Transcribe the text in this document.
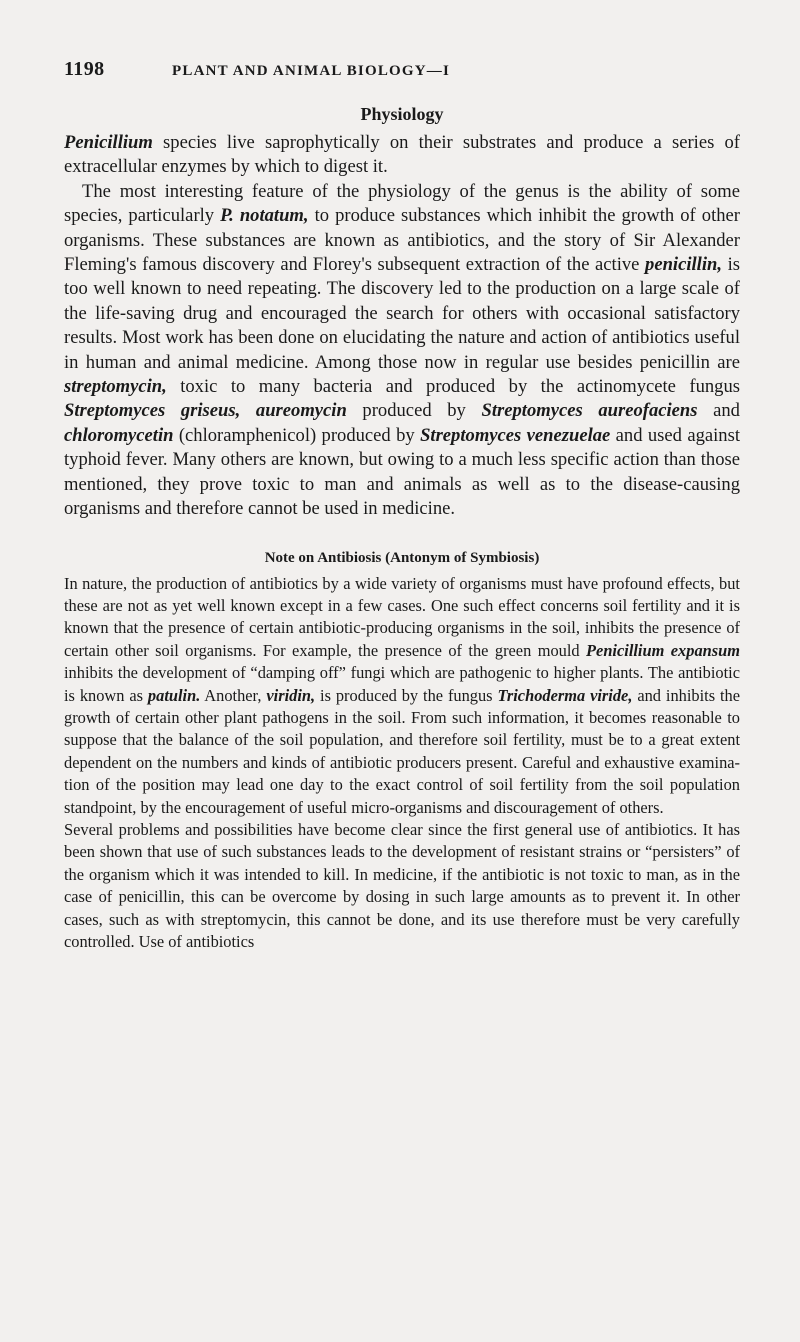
1198	PLANT AND ANIMAL BIOLOGY—I
Physiology

Penicillium species live saprophytically on their substrates and produce a series of extracellular enzymes by which to digest it.

The most interesting feature of the physiology of the genus is the ability of some species, particularly P. notatum, to produce substances which inhibit the growth of other organisms. These substances are known as antibiotics, and the story of Sir Alexander Fleming's famous discovery and Florey's subsequent extraction of the active penicillin, is too well known to need repeating. The discovery led to the production on a large scale of the life-saving drug and encouraged the search for others with occasional satisfactory results. Most work has been done on elucidating the nature and action of antibiotics useful in human and animal medicine. Among those now in regular use besides penicillin are streptomycin, toxic to many bacteria and produced by the actinomycete fungus Streptomyces griseus, aureomycin produced by Streptomyces aureofaciens and chloromycetin (chloramphenicol) produced by Streptomyces venezuelae and used against typhoid fever. Many others are known, but owing to a much less specific action than those mentioned, they prove toxic to man and animals as well as to the disease-causing organisms and therefore cannot be used in medicine.

Note on Antibiosis (Antonym of Symbiosis)

In nature, the production of antibiotics by a wide variety of organisms must have profound effects, but these are not as yet well known except in a few cases. One such effect concerns soil fertility and it is known that the presence of certain antibiotic-producing organisms in the soil, inhibits the presence of certain other soil organisms. For example, the presence of the green mould Penicillium expansum inhibits the development of “damping off” fungi which are pathogenic to higher plants. The antibiotic is known as patulin. Another, viridin, is produced by the fungus Trichoderma viride, and inhibits the growth of certain other plant pathogens in the soil. From such information, it becomes reasonable to suppose that the balance of the soil population, and therefore soil fertility, must be to a great extent dependent on the numbers and kinds of antibiotic producers present. Careful and exhaustive examina-tion of the position may lead one day to the exact control of soil fertility from the soil population standpoint, by the encouragement of useful micro-organisms and discouragement of others.

Several problems and possibilities have become clear since the first general use of antibiotics. It has been shown that use of such substances leads to the development of resistant strains or “persisters” of the organism which it was intended to kill. In medicine, if the antibiotic is not toxic to man, as in the case of penicillin, this can be overcome by dosing in such large amounts as to prevent it. In other cases, such as with streptomycin, this cannot be done, and its use therefore must be very carefully controlled. Use of antibiotics
